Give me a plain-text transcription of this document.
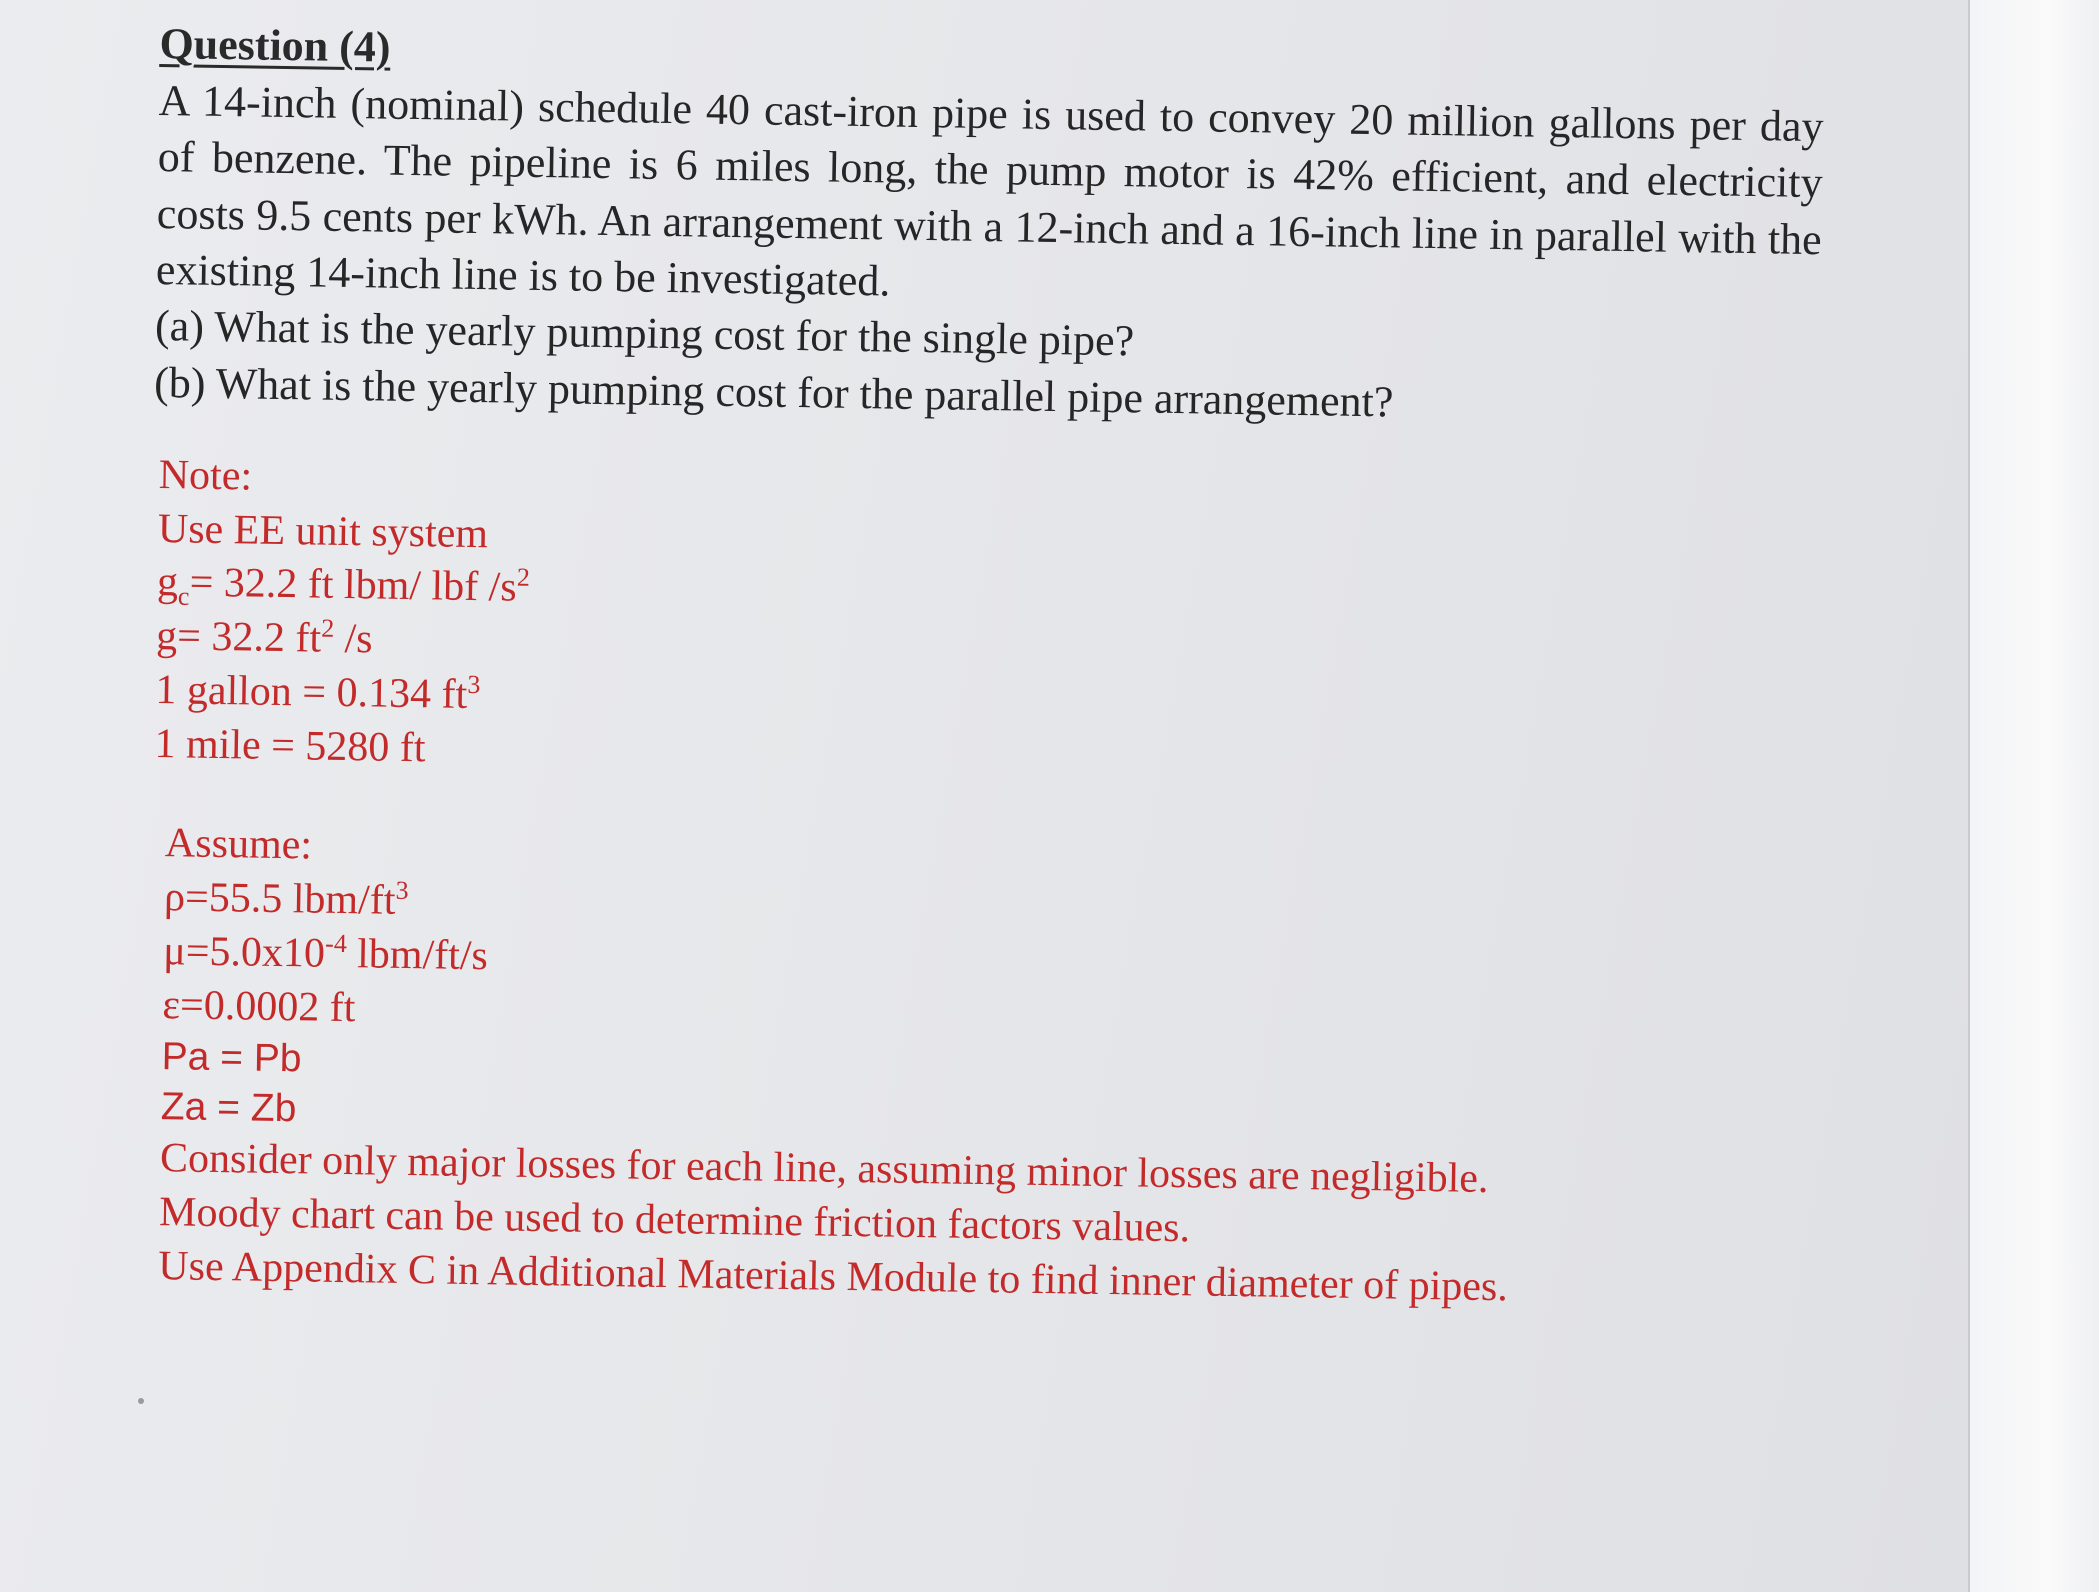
Question (4)

A 14-inch (nominal) schedule 40 cast-iron pipe is used to convey 20 million gallons per day of benzene. The pipeline is 6 miles long, the pump motor is 42% efficient, and electricity costs 9.5 cents per kWh. An arrangement with a 12-inch and a 16-inch line in parallel with the existing 14-inch line is to be investigated.

(a) What is the yearly pumping cost for the single pipe?

(b) What is the yearly pumping cost for the parallel pipe arrangement?

Note:

Use EE unit system

$g_c= 32.2$ ft lbm/ lbf $/s^2$

g= 32.2 $ft^2$ /s

1 gallon = 0.134 $ft^3$

1 mile = 5280 ft

Assume:

ρ=55.5 lbm/$ft^3$

$\mu=5.0x10^{-4}$ lbm/ft/s

ε=0.0002 ft

Pa = Pb

Za = Zb

Consider only major losses for each line, assuming minor losses are negligible.

Moody chart can be used to determine friction factors values.

Use Appendix C in Additional Materials Module to find inner diameter of pipes.
